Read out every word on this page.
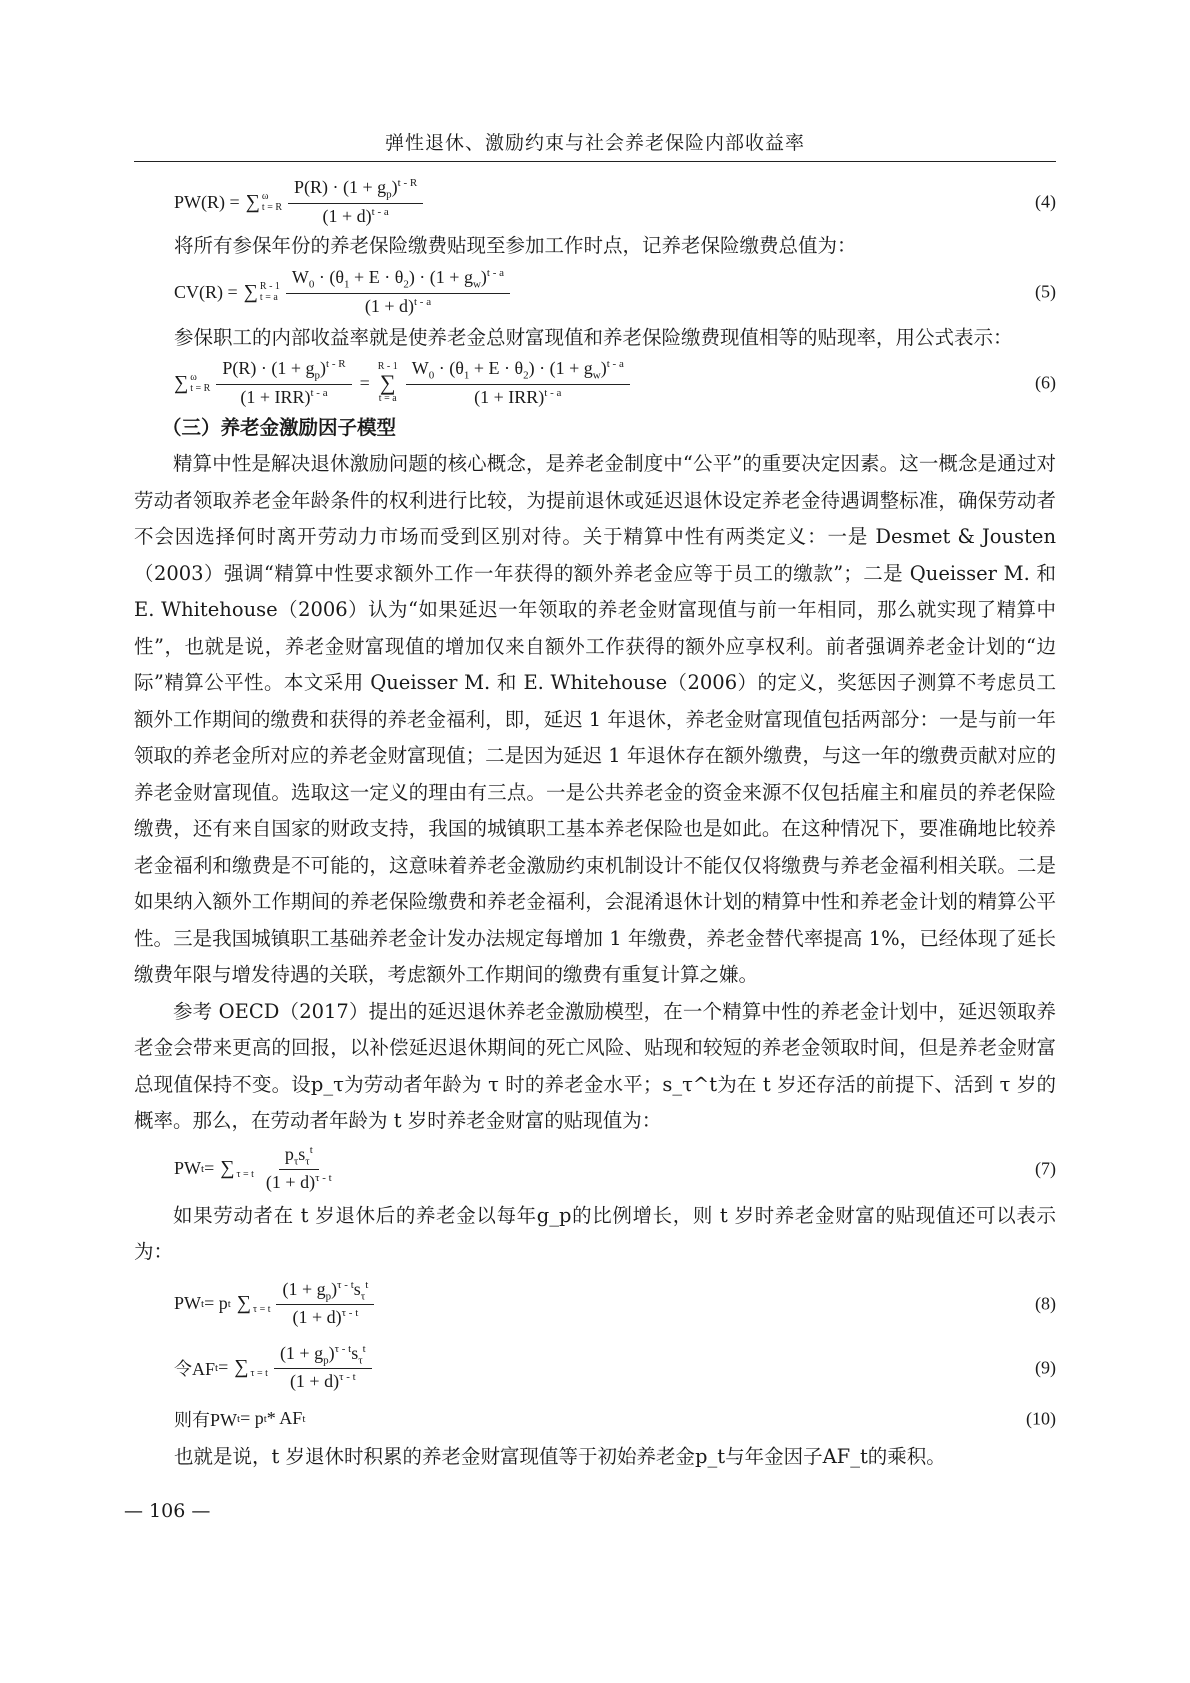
弹性退休、激励约束与社会养老保险内部收益率
PW(R) = ∑ ω
t = R $\frac{P(R) \cdot (1 + g_p)^{t - R}}{(1 + d)^{t - a}}$	(4)

将所有参保年份的养老保险缴费贴现至参加工作时点，记养老保险缴费总值为：

CV(R) = ∑ R - 1
t = a $\frac{W_0 \cdot (\theta_1 + E \cdot \theta_2) \cdot (1 + g_w)^{t - a}}{(1 + d)^{t - a}}$	(5)

参保职工的内部收益率就是使养老金总财富现值和养老保险缴费现值相等的贴现率，用公式表示：

∑ ω
t = R $\frac{P(R) \cdot (1 + g_p)^{t - R}}{(1 + IRR)^{t - a}}$ =
R - 1
∑
t = a $\frac{W_0 \cdot (\theta_1 + E \cdot \theta_2) \cdot (1 + g_w)^{t - a}}{(1 + IRR)^{t - a}}$	(6)

（三）养老金激励因子模型

精算中性是解决退休激励问题的核心概念，是养老金制度中“公平”的重要决定因素。这一概念是通过对劳动者领取养老金年龄条件的权利进行比较，为提前退休或延迟退休设定养老金待遇调整标准，确保劳动者不会因选择何时离开劳动力市场而受到区别对待。关于精算中性有两类定义：一是 Desmet & Jousten（2003）强调“精算中性要求额外工作一年获得的额外养老金应等于员工的缴款”；二是 Queisser M. 和 E. Whitehouse（2006）认为“如果延迟一年领取的养老金财富现值与前一年相同，那么就实现了精算中性”，也就是说，养老金财富现值的增加仅来自额外工作获得的额外应享权利。前者强调养老金计划的“边际”精算公平性。本文采用 Queisser M. 和 E. Whitehouse（2006）的定义，奖惩因子测算不考虑员工额外工作期间的缴费和获得的养老金福利，即，延迟 1 年退休，养老金财富现值包括两部分：一是与前一年领取的养老金所对应的养老金财富现值；二是因为延迟 1 年退休存在额外缴费，与这一年的缴费贡献对应的养老金财富现值。选取这一定义的理由有三点。一是公共养老金的资金来源不仅包括雇主和雇员的养老保险缴费，还有来自国家的财政支持，我国的城镇职工基本养老保险也是如此。在这种情况下，要准确地比较养老金福利和缴费是不可能的，这意味着养老金激励约束机制设计不能仅仅将缴费与养老金福利相关联。二是如果纳入额外工作期间的养老保险缴费和养老金福利，会混淆退休计划的精算中性和养老金计划的精算公平性。三是我国城镇职工基础养老金计发办法规定每增加 1 年缴费，养老金替代率提高 1%，已经体现了延长缴费年限与增发待遇的关联，考虑额外工作期间的缴费有重复计算之嫌。

参考 OECD（2017）提出的延迟退休养老金激励模型，在一个精算中性的养老金计划中，延迟领取养老金会带来更高的回报，以补偿延迟退休期间的死亡风险、贴现和较短的养老金领取时间，但是养老金财富总现值保持不变。设p_τ为劳动者年龄为 τ 时的养老金水平；s_τ^t为在 t 岁还存活的前提下、活到 τ 岁的概率。那么，在劳动者年龄为 t 岁时养老金财富的贴现值为：

PW t = ∑
τ = t $\frac{p_\tau s_\tau^t}{(1 + d)^{\tau - t}}$	(7)

如果劳动者在 t 岁退休后的养老金以每年g_p的比例增长，则 t 岁时养老金财富的贴现值还可以表示为：

PW t = p t ∑
τ = t $\frac{(1 + g_p)^{\tau - t}s_\tau^t}{(1 + d)^{\tau - t}}$	(8)
令AF t = ∑
τ = t $\frac{(1 + g_p)^{\tau - t}s_\tau^t}{(1 + d)^{\tau - t}}$	(9)
则有PW t = p t * AF t	(10)

也就是说，t 岁退休时积累的养老金财富现值等于初始养老金p_t与年金因子AF_t的乘积。

— 106 —
